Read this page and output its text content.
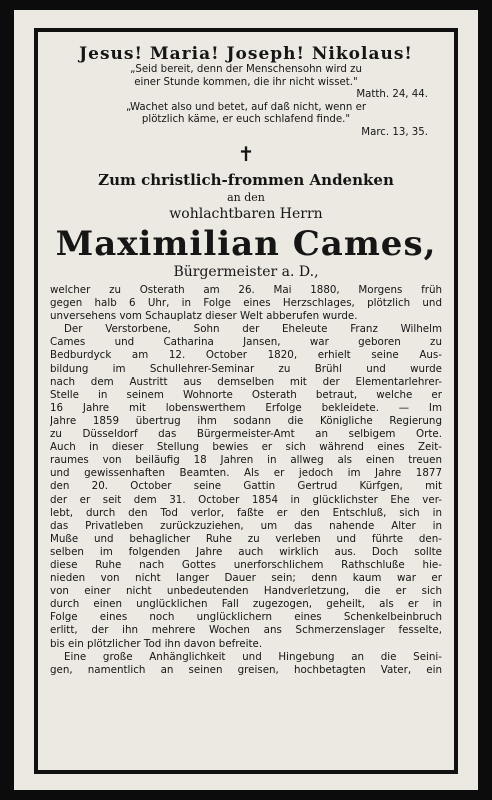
Jesus! Maria! Joseph! Nikolaus!
„Seid bereit, denn der Menschensohn wird zu
einer Stunde kommen, die ihr nicht wisset."
Matth. 24, 44.
„Wachet also und betet, auf daß nicht, wenn er
plötzlich käme, er euch schlafend finde."
Marc. 13, 35.
✝
Zum christlich-frommen Andenken
an den
wohlachtbaren Herrn
Maximilian Cames,
Bürgermeister a. D.,
welcher zu Osterath am 26. Mai 1880, Morgens früh
gegen halb 6 Uhr, in Folge eines Herzschlages, plötzlich und
unversehens vom Schauplatz dieser Welt abberufen wurde.
Der Verstorbene, Sohn der Eheleute Franz Wilhelm
Cames und Catharina Jansen, war geboren zu
Bedburdyck am 12. October 1820, erhielt seine Aus-
bildung im Schullehrer-Seminar zu Brühl und wurde
nach dem Austritt aus demselben mit der Elementarlehrer-
Stelle in seinem Wohnorte Osterath betraut, welche er
16 Jahre mit lobenswerthem Erfolge bekleidete. — Im
Jahre 1859 übertrug ihm sodann die Königliche Regierung
zu Düsseldorf das Bürgermeister-Amt an selbigem Orte.
Auch in dieser Stellung bewies er sich während eines Zeit-
raumes von beiläufig 18 Jahren in allweg als einen treuen
und gewissenhaften Beamten. Als er jedoch im Jahre 1877
den 20. October seine Gattin Gertrud Kürfgen, mit
der er seit dem 31. October 1854 in glücklichster Ehe ver-
lebt, durch den Tod verlor, faßte er den Entschluß, sich in
das Privatleben zurückzuziehen, um das nahende Alter in
Muße und behaglicher Ruhe zu verleben und führte den-
selben im folgenden Jahre auch wirklich aus. Doch sollte
diese Ruhe nach Gottes unerforschlichem Rathschluße hie-
nieden von nicht langer Dauer sein; denn kaum war er
von einer nicht unbedeutenden Handverletzung, die er sich
durch einen unglücklichen Fall zugezogen, geheilt, als er in
Folge eines noch unglücklichern eines Schenkelbeinbruch
erlitt, der ihn mehrere Wochen ans Schmerzenslager fesselte,
bis ein plötzlicher Tod ihn davon befreite.
Eine große Anhänglichkeit und Hingebung an die Seini-
gen, namentlich an seinen greisen, hochbetagten Vater, ein
